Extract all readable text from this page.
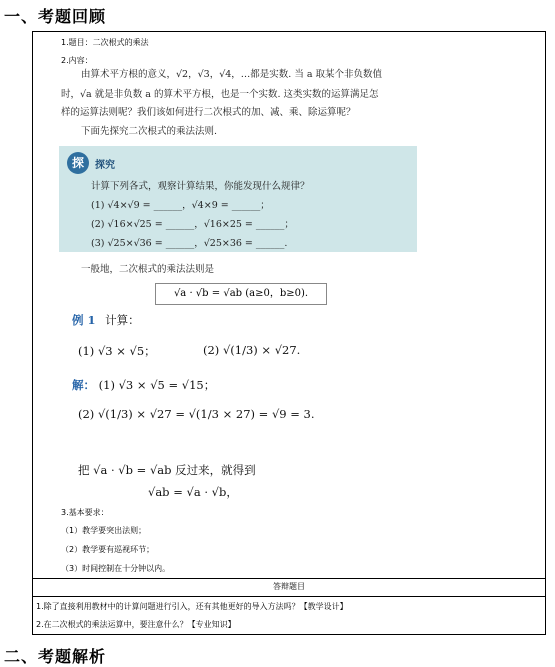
一、考题回顾
1.题目：二次根式的乘法
2.内容：
由算术平方根的意义，√2，√3，√4，…都是实数. 当 a 取某个非负数值
时，√a 就是非负数 a 的算术平方根，也是一个实数. 这类实数的运算满足怎
样的运算法则呢？我们该如何进行二次根式的加、减、乘、除运算呢？
下面先探究二次根式的乘法法则.
探	探究
计算下列各式，观察计算结果，你能发现什么规律？
(1) √4×√9 = ______，√4×9 = ______；
(2) √16×√25 = ______，√16×25 = ______；
(3) √25×√36 = ______，√25×36 = ______.
一般地，二次根式的乘法法则是
√a · √b = √ab (a≥0，b≥0).
例 1 计算：
(1) √3 × √5；	(2) √(1/3) × √27.
解： (1) √3 × √5 = √15；
(2) √(1/3) × √27 = √(1/3 × 27) = √9 = 3.
把 √a · √b = √ab 反过来，就得到
√ab = √a · √b，
3.基本要求：
（1）教学要突出法则；
（2）教学要有巡视环节；
（3）时间控制在十分钟以内。
答辩题目
1.除了直接利用教材中的计算问题进行引入，还有其他更好的导入方法吗？【教学设计】
2.在二次根式的乘法运算中，要注意什么？【专业知识】
二、考题解析
